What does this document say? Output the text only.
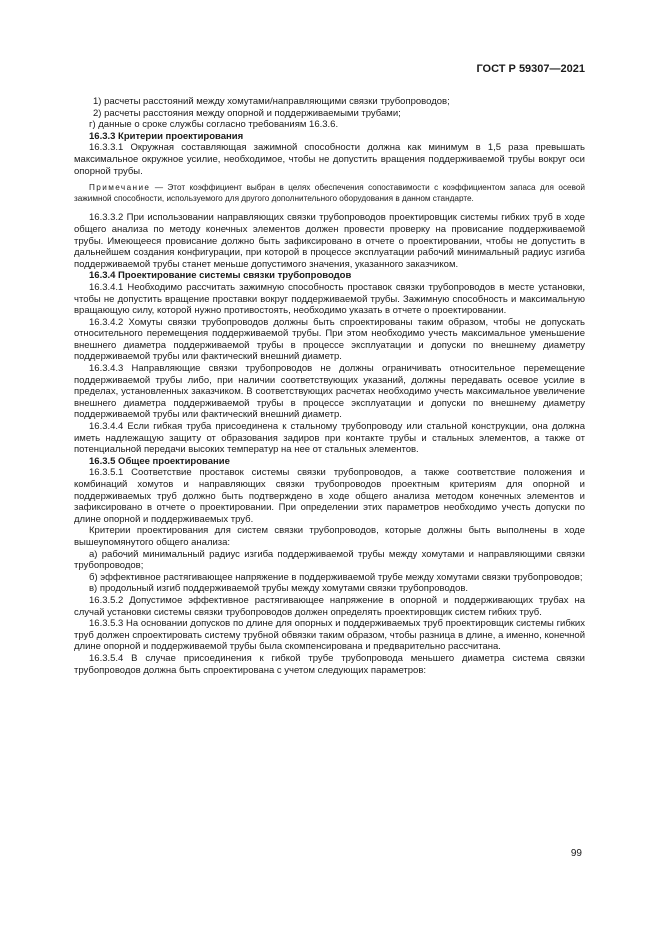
ГОСТ Р 59307—2021

1) расчеты расстояний между хомутами/направляющими связки трубопроводов;

2) расчеты расстояния между опорной и поддерживаемыми трубами;

г) данные о сроке службы согласно требованиям 16.3.6.

16.3.3 Критерии проектирования

16.3.3.1 Окружная составляющая зажимной способности должна как минимум в 1,5 раза превышать максимальное окружное усилие, необходимое, чтобы не допустить вращения поддерживаемой трубы вокруг оси опорной трубы.

Примечание — Этот коэффициент выбран в целях обеспечения сопоставимости с коэффициентом запаса для осевой зажимной способности, используемого для другого дополнительного оборудования в данном стандарте.

16.3.3.2 При использовании направляющих связки трубопроводов проектировщик системы гибких труб в ходе общего анализа по методу конечных элементов должен провести проверку на провисание поддерживаемой трубы. Имеющееся провисание должно быть зафиксировано в отчете о проектировании, чтобы не допустить в дальнейшем создания конфигурации, при которой в процессе эксплуатации рабочий минимальный радиус изгиба поддерживаемой трубы станет меньше допустимого значения, указанного заказчиком.

16.3.4 Проектирование системы связки трубопроводов

16.3.4.1 Необходимо рассчитать зажимную способность проставок связки трубопроводов в месте установки, чтобы не допустить вращение проставки вокруг поддерживаемой трубы. Зажимную способность и максимальную вращающую силу, которой нужно противостоять, необходимо указать в отчете о проектировании.

16.3.4.2 Хомуты связки трубопроводов должны быть спроектированы таким образом, чтобы не допускать относительного перемещения поддерживаемой трубы. При этом необходимо учесть максимальное уменьшение внешнего диаметра поддерживаемой трубы в процессе эксплуатации и допуски по внешнему диаметру поддерживаемой трубы или фактический внешний диаметр.

16.3.4.3 Направляющие связки трубопроводов не должны ограничивать относительное перемещение поддерживаемой трубы либо, при наличии соответствующих указаний, должны передавать осевое усилие в пределах, установленных заказчиком. В соответствующих расчетах необходимо учесть максимальное увеличение внешнего диаметра поддерживаемой трубы в процессе эксплуатации и допуски по внешнему диаметру поддерживаемой трубы или фактический внешний диаметр.

16.3.4.4 Если гибкая труба присоединена к стальному трубопроводу или стальной конструкции, она должна иметь надлежащую защиту от образования задиров при контакте трубы и стальных элементов, а также от потенциальной передачи высоких температур на нее от стальных элементов.

16.3.5 Общее проектирование

16.3.5.1 Соответствие проставок системы связки трубопроводов, а также соответствие положения и комбинаций хомутов и направляющих связки трубопроводов проектным критериям для опорной и поддерживаемых труб должно быть подтверждено в ходе общего анализа методом конечных элементов и зафиксировано в отчете о проектировании. При определении этих параметров необходимо учесть допуски по длине опорной и поддерживаемых труб.

Критерии проектирования для систем связки трубопроводов, которые должны быть выполнены в ходе вышеупомянутого общего анализа:

а) рабочий минимальный радиус изгиба поддерживаемой трубы между хомутами и направляющими связки трубопроводов;

б) эффективное растягивающее напряжение в поддерживаемой трубе между хомутами связки трубопроводов;

в) продольный изгиб поддерживаемой трубы между хомутами связки трубопроводов.

16.3.5.2 Допустимое эффективное растягивающее напряжение в опорной и поддерживающих трубах на случай установки системы связки трубопроводов должен определять проектировщик систем гибких труб.

16.3.5.3 На основании допусков по длине для опорных и поддерживаемых труб проектировщик системы гибких труб должен спроектировать систему трубной обвязки таким образом, чтобы разница в длине, а именно, конечной длине опорной и поддерживаемой трубы была скомпенсирована и предварительно рассчитана.

16.3.5.4 В случае присоединения к гибкой трубе трубопровода меньшего диаметра система связки трубопроводов должна быть спроектирована с учетом следующих параметров:

99
